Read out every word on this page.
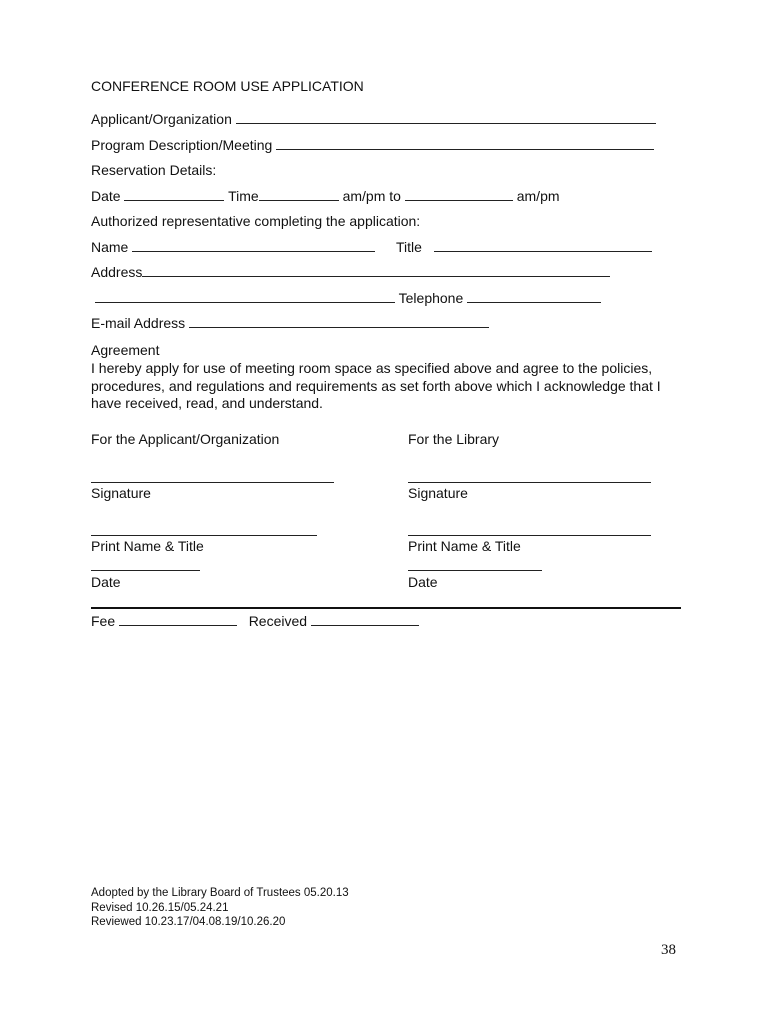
CONFERENCE ROOM USE APPLICATION
Applicant/Organization
Program Description/Meeting
Reservation Details:
Date	Time	am/pm to	am/pm
Authorized representative completing the application:
Name	Title
Address
Telephone
E-mail Address
Agreement
I hereby apply for use of meeting room space as specified above and agree to the policies, procedures, and regulations and requirements as set forth above which I acknowledge that I have received, read, and understand.
For the Applicant/Organization	For the Library
Signature	Signature
Print Name & Title	Print Name & Title
Date	Date
Fee	Received
Adopted by the Library Board of Trustees 05.20.13
Revised 10.26.15/05.24.21
Reviewed 10.23.17/04.08.19/10.26.20
38
